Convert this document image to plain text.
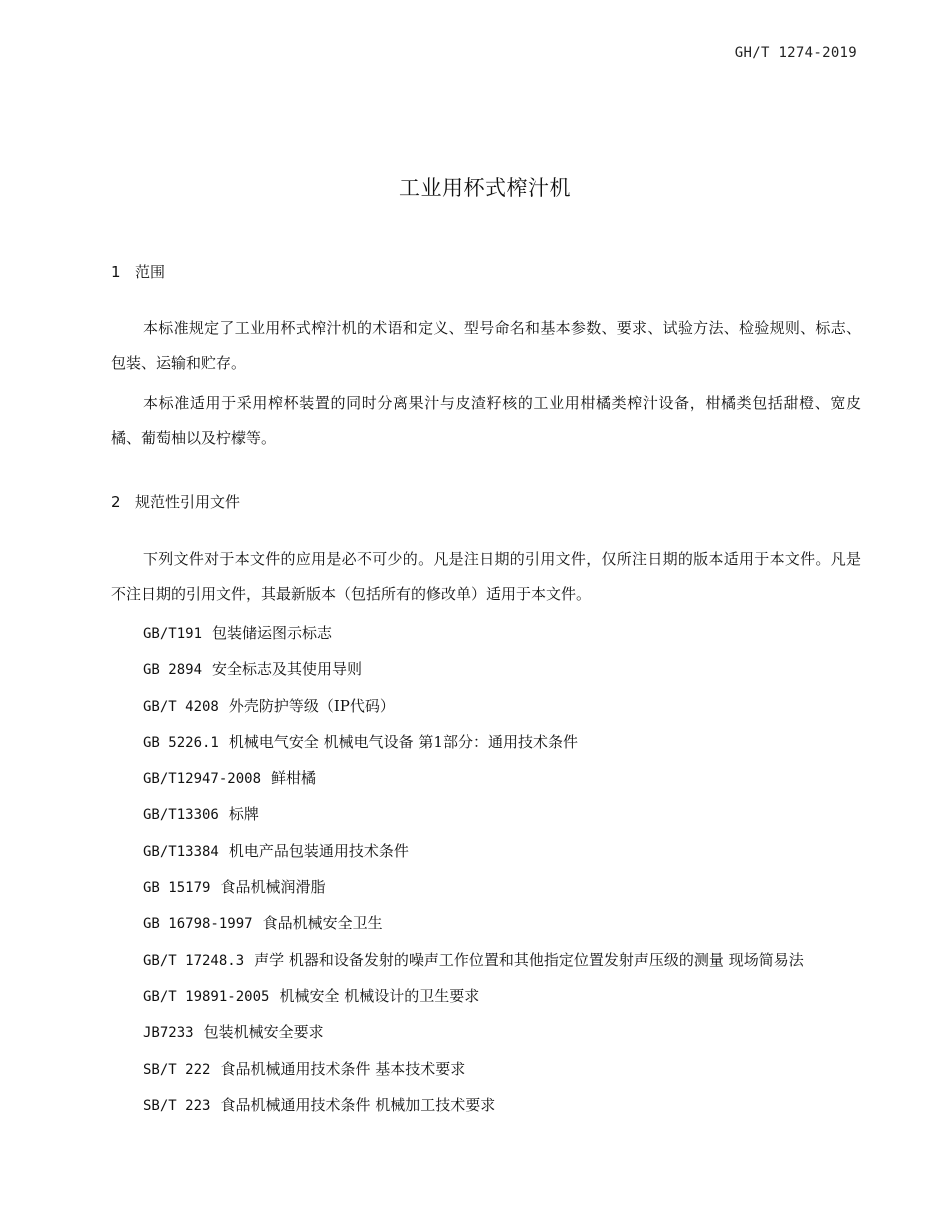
GH/T 1274-2019
工业用杯式榨汁机
1 范围

本标准规定了工业用杯式榨汁机的术语和定义、型号命名和基本参数、要求、试验方法、检验规则、标志、包装、运输和贮存。

本标准适用于采用榨杯装置的同时分离果汁与皮渣籽核的工业用柑橘类榨汁设备，柑橘类包括甜橙、宽皮橘、葡萄柚以及柠檬等。

2 规范性引用文件

下列文件对于本文件的应用是必不可少的。凡是注日期的引用文件，仅所注日期的版本适用于本文件。凡是不注日期的引用文件，其最新版本（包括所有的修改单）适用于本文件。

GB/T191 包装储运图示标志
GB 2894 安全标志及其使用导则
GB/T 4208 外壳防护等级（IP代码）
GB 5226.1 机械电气安全 机械电气设备 第1部分：通用技术条件
GB/T12947-2008 鲜柑橘
GB/T13306 标牌
GB/T13384 机电产品包装通用技术条件
GB 15179 食品机械润滑脂
GB 16798-1997 食品机械安全卫生
GB/T 17248.3 声学 机器和设备发射的噪声工作位置和其他指定位置发射声压级的测量 现场简易法
GB/T 19891-2005 机械安全 机械设计的卫生要求
JB7233 包装机械安全要求
SB/T 222 食品机械通用技术条件 基本技术要求
SB/T 223 食品机械通用技术条件 机械加工技术要求
